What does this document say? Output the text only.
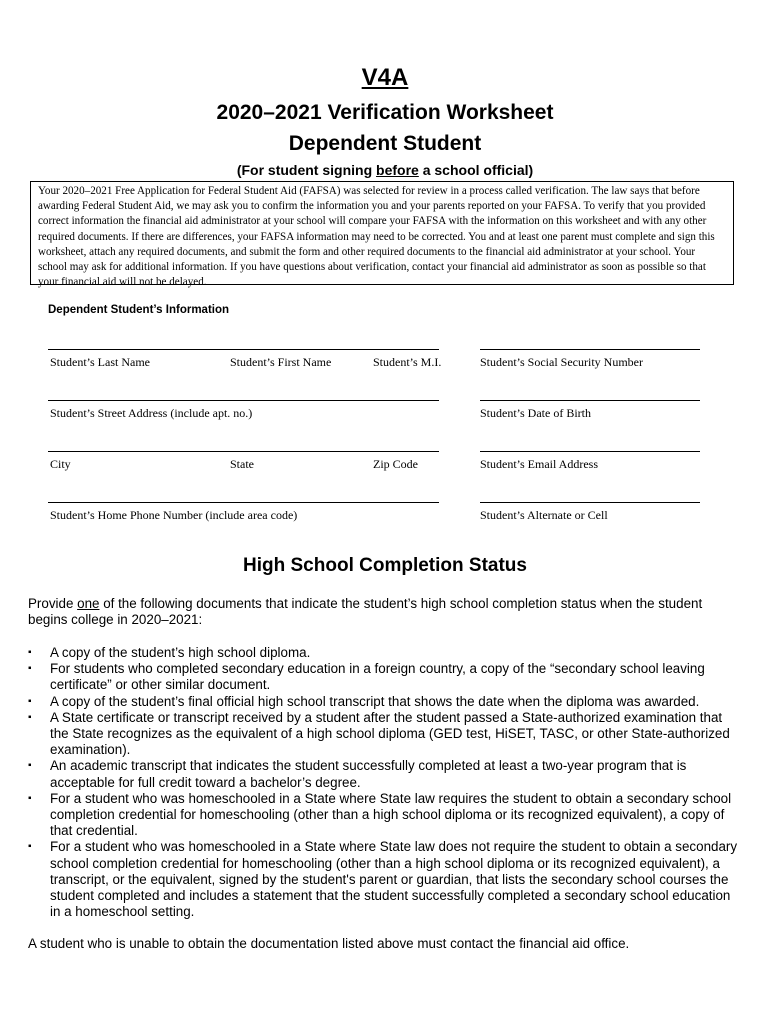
V4A
2020–2021 Verification Worksheet
Dependent Student
(For student signing before a school official)
Your 2020–2021 Free Application for Federal Student Aid (FAFSA) was selected for review in a process called verification. The law says that before awarding Federal Student Aid, we may ask you to confirm the information you and your parents reported on your FAFSA. To verify that you provided correct information the financial aid administrator at your school will compare your FAFSA with the information on this worksheet and with any other required documents. If there are differences, your FAFSA information may need to be corrected. You and at least one parent must complete and sign this worksheet, attach any required documents, and submit the form and other required documents to the financial aid administrator at your school. Your school may ask for additional information. If you have questions about verification, contact your financial aid administrator as soon as possible so that your financial aid will not be delayed.
Dependent Student’s Information
Student’s Last Name	Student’s First Name	Student’s M.I.	Student’s Social Security Number
Student’s Street Address (include apt. no.)	Student’s Date of Birth
City	State	Zip Code	Student’s Email Address
Student’s Home Phone Number (include area code)	Student’s Alternate or Cell
High School Completion Status
Provide one of the following documents that indicate the student’s high school completion status when the student begins college in 2020–2021:
▪ A copy of the student’s high school diploma.
▪ For students who completed secondary education in a foreign country, a copy of the “secondary school leaving certificate” or other similar document.
▪ A copy of the student’s final official high school transcript that shows the date when the diploma was awarded.
▪ A State certificate or transcript received by a student after the student passed a State-authorized examination that the State recognizes as the equivalent of a high school diploma (GED test, HiSET, TASC, or other State-authorized examination).
▪ An academic transcript that indicates the student successfully completed at least a two-year program that is acceptable for full credit toward a bachelor’s degree.
▪ For a student who was homeschooled in a State where State law requires the student to obtain a secondary school completion credential for homeschooling (other than a high school diploma or its recognized equivalent), a copy of that credential.
▪ For a student who was homeschooled in a State where State law does not require the student to obtain a secondary school completion credential for homeschooling (other than a high school diploma or its recognized equivalent), a transcript, or the equivalent, signed by the student's parent or guardian, that lists the secondary school courses the student completed and includes a statement that the student successfully completed a secondary school education in a homeschool setting.
A student who is unable to obtain the documentation listed above must contact the financial aid office.
